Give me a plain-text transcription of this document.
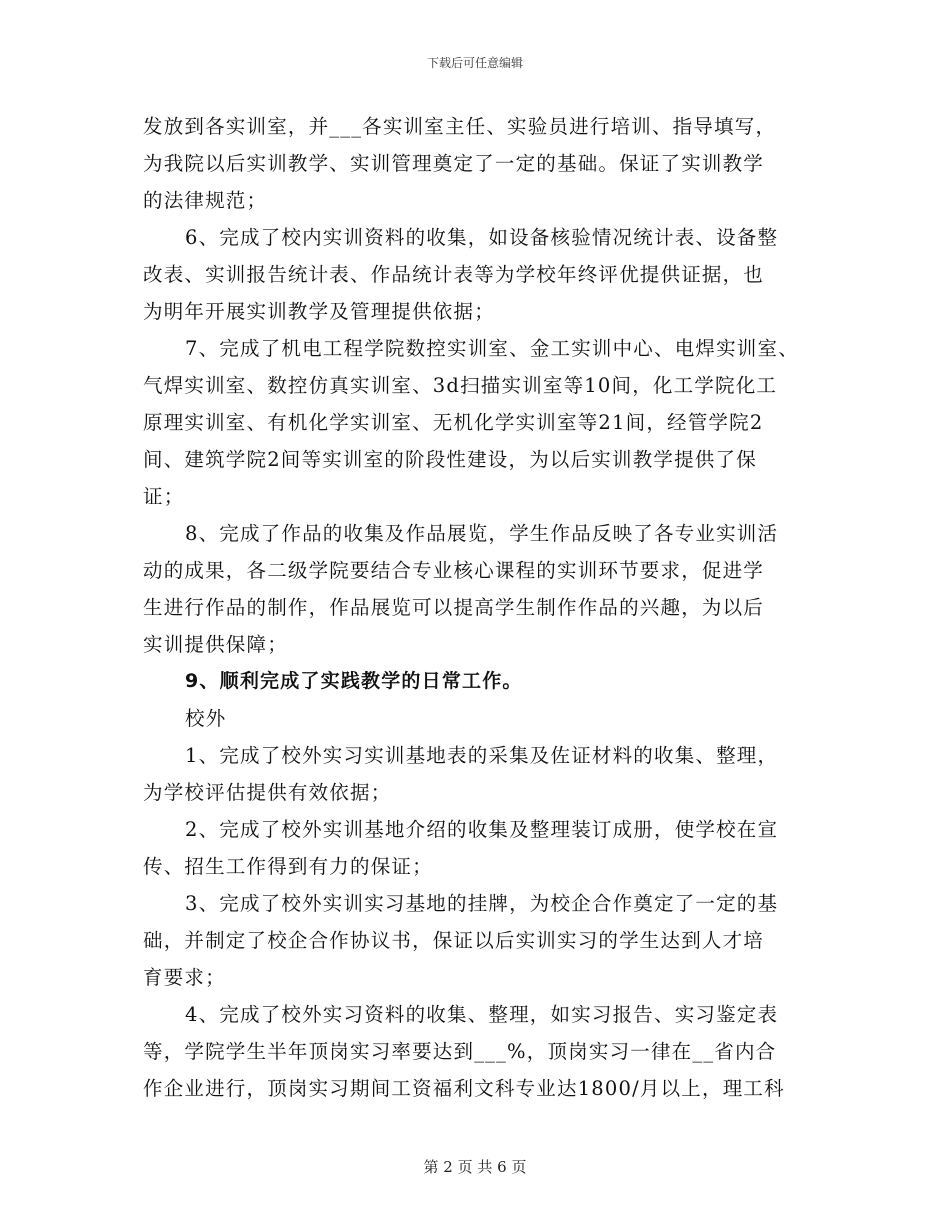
下载后可任意编辑
发放到各实训室，并___各实训室主任、实验员进行培训、指导填写，
为我院以后实训教学、实训管理奠定了一定的基础。保证了实训教学
的法律规范；
6、完成了校内实训资料的收集，如设备核验情况统计表、设备整
改表、实训报告统计表、作品统计表等为学校年终评优提供证据，也
为明年开展实训教学及管理提供依据；
7、完成了机电工程学院数控实训室、金工实训中心、电焊实训室、
气焊实训室、数控仿真实训室、3d扫描实训室等10间，化工学院化工
原理实训室、有机化学实训室、无机化学实训室等21间，经管学院2
间、建筑学院2间等实训室的阶段性建设，为以后实训教学提供了保
证；
8、完成了作品的收集及作品展览，学生作品反映了各专业实训活
动的成果，各二级学院要结合专业核心课程的实训环节要求，促进学
生进行作品的制作，作品展览可以提高学生制作作品的兴趣，为以后
实训提供保障；
9、顺利完成了实践教学的日常工作。
校外
1、完成了校外实习实训基地表的采集及佐证材料的收集、整理，
为学校评估提供有效依据；
2、完成了校外实训基地介绍的收集及整理装订成册，使学校在宣
传、招生工作得到有力的保证；
3、完成了校外实训实习基地的挂牌，为校企合作奠定了一定的基
础，并制定了校企合作协议书，保证以后实训实习的学生达到人才培
育要求；
4、完成了校外实习资料的收集、整理，如实习报告、实习鉴定表
等，学院学生半年顶岗实习率要达到___%，顶岗实习一律在__省内合
作企业进行，顶岗实习期间工资福利文科专业达1800/月以上，理工科
第 2 页 共 6 页
